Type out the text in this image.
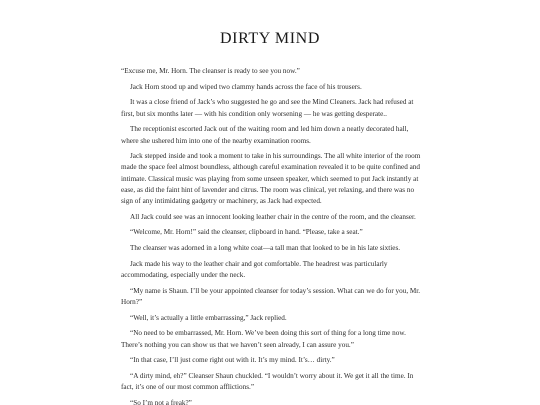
DIRTY MIND

“Excuse me, Mr. Horn. The cleanser is ready to see you now.”

Jack Horn stood up and wiped two clammy hands across the face of his trousers.

It was a close friend of Jack’s who suggested he go and see the Mind Cleaners. Jack had refused at first, but six months later — with his condition only worsening — he was getting desperate..

The receptionist escorted Jack out of the waiting room and led him down a neatly decorated hall, where she ushered him into one of the nearby examination rooms.

Jack stepped inside and took a moment to take in his surroundings. The all white interior of the room made the space feel almost boundless, although careful examination revealed it to be quite confined and intimate. Classical music was playing from some unseen speaker, which seemed to put Jack instantly at ease, as did the faint hint of lavender and citrus. The room was clinical, yet relaxing, and there was no sign of any intimidating gadgetry or machinery, as Jack had expected.

All Jack could see was an innocent looking leather chair in the centre of the room, and the cleanser.

“Welcome, Mr. Horn!” said the cleanser, clipboard in hand. “Please, take a seat.”

The cleanser was adorned in a long white coat—a tall man that looked to be in his late sixties.

Jack made his way to the leather chair and got comfortable. The headrest was particularly accommodating, especially under the neck.

“My name is Shaun. I’ll be your appointed cleanser for today’s session. What can we do for you, Mr. Horn?”

“Well, it’s actually a little embarrassing,” Jack replied.

“No need to be embarrassed, Mr. Horn. We’ve been doing this sort of thing for a long time now. There’s nothing you can show us that we haven’t seen already, I can assure you.”

“In that case, I’ll just come right out with it. It’s my mind. It’s… dirty.”

“A dirty mind, eh?” Cleanser Shaun chuckled. “I wouldn’t worry about it. We get it all the time. In fact, it’s one of our most common afflictions.”

“So I’m not a freak?”
